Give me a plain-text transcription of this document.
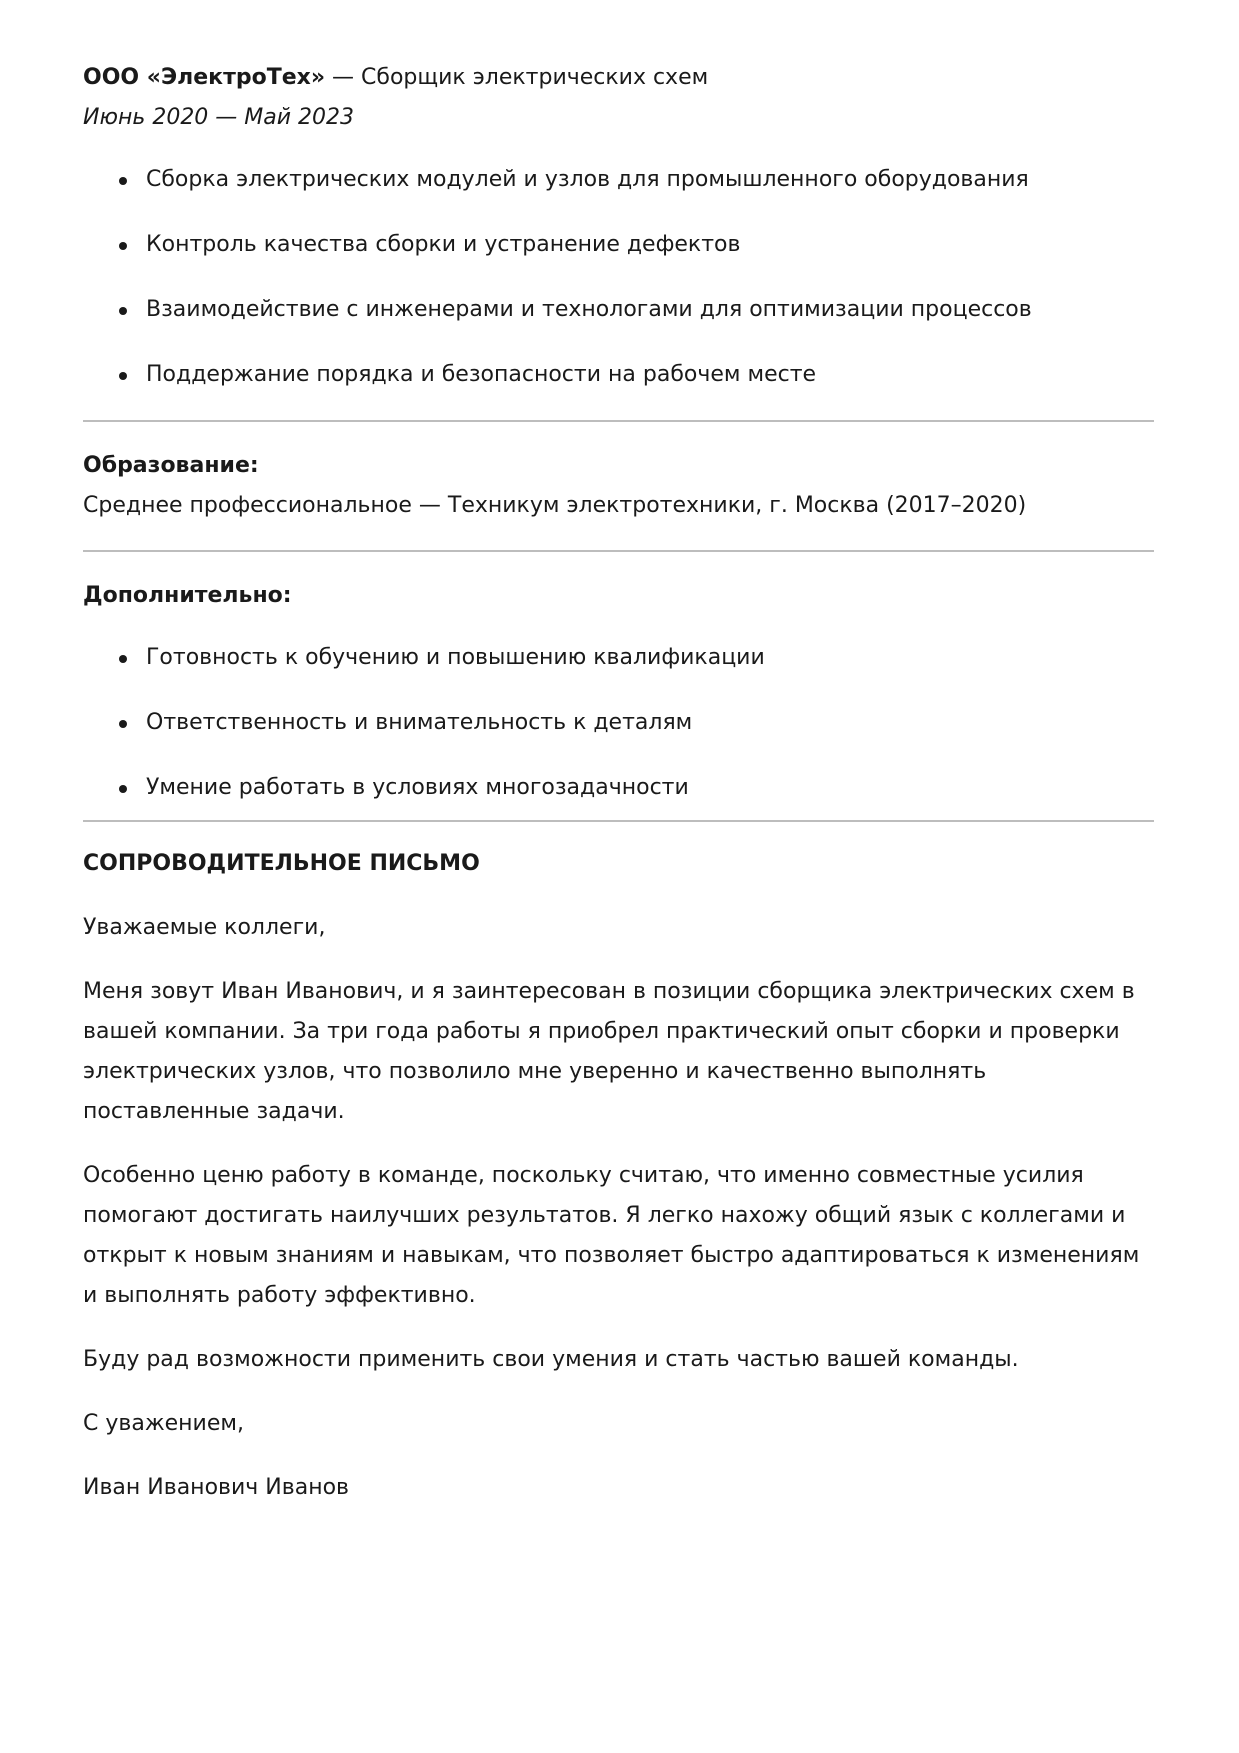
ООО «ЭлектроТех» — Сборщик электрических схем

Июнь 2020 — Май 2023

Сборка электрических модулей и узлов для промышленного оборудования
Контроль качества сборки и устранение дефектов
Взаимодействие с инженерами и технологами для оптимизации процессов
Поддержание порядка и безопасности на рабочем месте

Образование:

Среднее профессиональное — Техникум электротехники, г. Москва (2017–2020)

Дополнительно:

Готовность к обучению и повышению квалификации
Ответственность и внимательность к деталям
Умение работать в условиях многозадачности

СОПРОВОДИТЕЛЬНОЕ ПИСЬМО

Уважаемые коллеги,

Меня зовут Иван Иванович, и я заинтересован в позиции сборщика электрических схем в вашей компании. За три года работы я приобрел практический опыт сборки и проверки электрических узлов, что позволило мне уверенно и качественно выполнять поставленные задачи.

Особенно ценю работу в команде, поскольку считаю, что именно совместные усилия помогают достигать наилучших результатов. Я легко нахожу общий язык с коллегами и открыт к новым знаниям и навыкам, что позволяет быстро адаптироваться к изменениям и выполнять работу эффективно.

Буду рад возможности применить свои умения и стать частью вашей команды.

С уважением,

Иван Иванович Иванов
